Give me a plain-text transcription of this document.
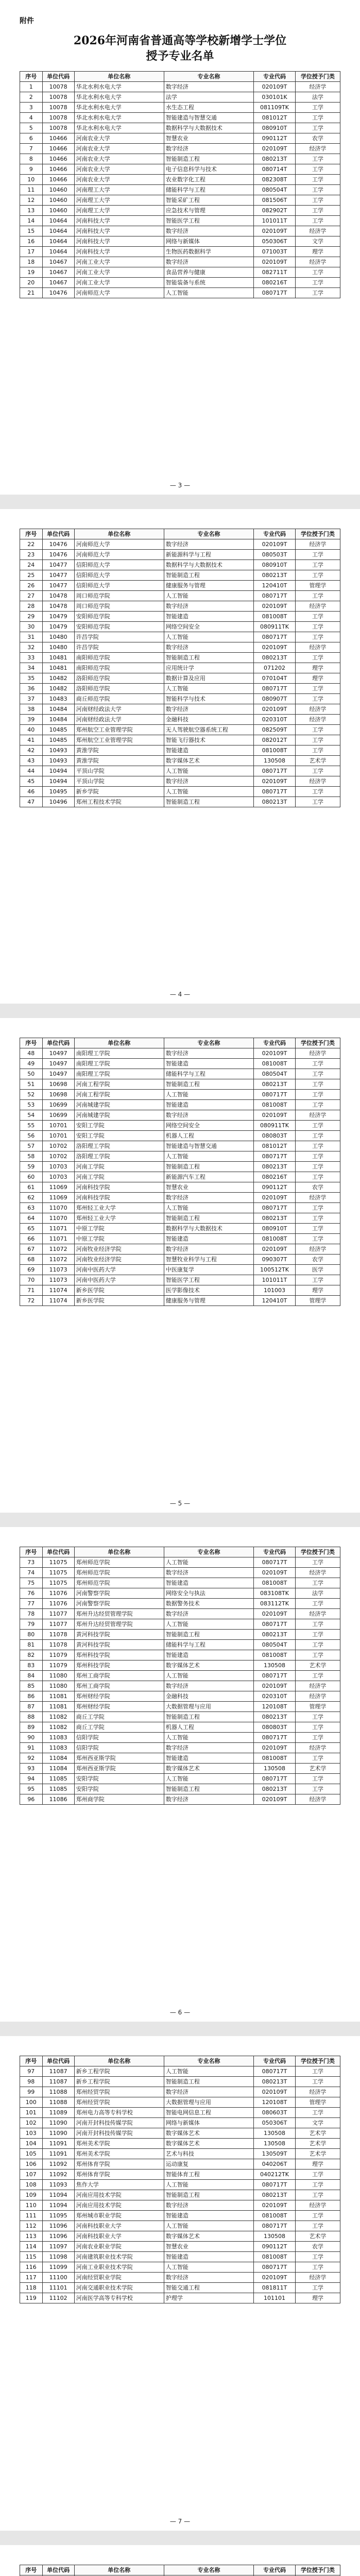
附件
2026年河南省普通高等学校新增学士学位
授予专业名单
序号	单位代码	单位名称	专业名称	专业代码	学位授予门类
1	10078	华北水利水电大学	数字经济	020109T	经济学
2	10078	华北水利水电大学	法学	030101K	法学
3	10078	华北水利水电大学	水生态工程	081109TK	工学
4	10078	华北水利水电大学	智能建造与智慧交通	081012T	工学
5	10078	华北水利水电大学	数据科学与大数据技术	080910T	工学
6	10466	河南农业大学	智慧农业	090112T	农学
7	10466	河南农业大学	数字经济	020109T	经济学
8	10466	河南农业大学	智能制造工程	080213T	工学
9	10466	河南农业大学	电子信息科学与技术	080714T	工学
10	10466	河南农业大学	农业数字化工程	082308T	工学
11	10460	河南理工大学	储能科学与工程	080504T	工学
12	10460	河南理工大学	智能采矿工程	081506T	工学
13	10460	河南理工大学	应急技术与管理	082902T	工学
14	10464	河南科技大学	智能医学工程	101011T	工学
15	10464	河南科技大学	数字经济	020109T	经济学
16	10464	河南科技大学	网络与新媒体	050306T	文学
17	10464	河南科技大学	生物医药数据科学	071003T	理学
18	10467	河南工业大学	数字经济	020109T	经济学
19	10467	河南工业大学	食品营养与健康	082711T	工学
20	10467	河南工业大学	智能装备与系统	080216T	工学
21	10476	河南师范大学	人工智能	080717T	工学
— 3 —
序号	单位代码	单位名称	专业名称	专业代码	学位授予门类
22	10476	河南师范大学	数字经济	020109T	经济学
23	10476	河南师范大学	新能源科学与工程	080503T	工学
24	10477	信阳师范大学	数据科学与大数据技术	080910T	工学
25	10477	信阳师范大学	智能制造工程	080213T	工学
26	10477	信阳师范大学	健康服务与管理	120410T	管理学
27	10478	周口师范学院	人工智能	080717T	工学
28	10478	周口师范学院	数字经济	020109T	经济学
29	10479	安阳师范学院	智能建造	081008T	工学
30	10479	安阳师范学院	网络空间安全	080911TK	工学
31	10480	许昌学院	人工智能	080717T	工学
32	10480	许昌学院	数字经济	020109T	经济学
33	10481	南阳师范学院	智能制造工程	080213T	工学
34	10481	南阳师范学院	应用统计学	071202	理学
35	10482	洛阳师范学院	数据计算及应用	070104T	理学
36	10482	洛阳师范学院	人工智能	080717T	工学
37	10483	商丘师范学院	智能科学与技术	080907T	工学
38	10484	河南财经政法大学	数字经济	020109T	经济学
39	10484	河南财经政法大学	金融科技	020310T	经济学
40	10485	郑州航空工业管理学院	无人驾驶航空器系统工程	082509T	工学
41	10485	郑州航空工业管理学院	智能飞行器技术	082012T	工学
42	10493	黄淮学院	智能建造	081008T	工学
43	10493	黄淮学院	数字媒体艺术	130508	艺术学
44	10494	平顶山学院	人工智能	080717T	工学
45	10494	平顶山学院	数字经济	020109T	经济学
46	10495	新乡学院	人工智能	080717T	工学
47	10496	郑州工程技术学院	智能制造工程	080213T	工学
— 4 —
序号	单位代码	单位名称	专业名称	专业代码	学位授予门类
48	10497	南阳理工学院	数字经济	020109T	经济学
49	10497	南阳理工学院	智能建造	081008T	工学
50	10497	南阳理工学院	储能科学与工程	080504T	工学
51	10698	河南工程学院	智能制造工程	080213T	工学
52	10698	河南工程学院	人工智能	080717T	工学
53	10699	河南城建学院	智能建造	081008T	工学
54	10699	河南城建学院	数字经济	020109T	经济学
55	10701	安阳工学院	网络空间安全	080911TK	工学
56	10701	安阳工学院	机器人工程	080803T	工学
57	10702	洛阳理工学院	智能建造与智慧交通	081012T	工学
58	10702	洛阳理工学院	人工智能	080717T	工学
59	10703	河南工学院	智能制造工程	080213T	工学
60	10703	河南工学院	新能源汽车工程	080216T	工学
61	11069	河南科技学院	智慧农业	090112T	农学
62	11069	河南科技学院	数字经济	020109T	经济学
63	11070	郑州轻工业大学	人工智能	080717T	工学
64	11070	郑州轻工业大学	智能制造工程	080213T	工学
65	11071	中原工学院	数据科学与大数据技术	080910T	工学
66	11071	中原工学院	智能建造	081008T	工学
67	11072	河南牧业经济学院	数字经济	020109T	经济学
68	11072	河南牧业经济学院	智慧牧业科学与工程	090307T	农学
69	11073	河南中医药大学	中医康复学	100512TK	医学
70	11073	河南中医药大学	智能医学工程	101011T	工学
71	11074	新乡医学院	医学影像技术	101003	理学
72	11074	新乡医学院	健康服务与管理	120410T	管理学
— 5 —
序号	单位代码	单位名称	专业名称	专业代码	学位授予门类
73	11075	郑州师范学院	人工智能	080717T	工学
74	11075	郑州师范学院	数字经济	020109T	经济学
75	11075	郑州师范学院	智能建造	081008T	工学
76	11076	河南警察学院	网络安全与执法	083108TK	法学
77	11076	河南警察学院	数据警务技术	083112TK	工学
78	11077	郑州升达经贸管理学院	数字经济	020109T	经济学
79	11077	郑州升达经贸管理学院	人工智能	080717T	工学
80	11078	黄河科技学院	智能制造工程	080213T	工学
81	11078	黄河科技学院	储能科学与工程	080504T	工学
82	11079	郑州科技学院	智能建造	081008T	工学
83	11079	郑州科技学院	数字媒体艺术	130508	艺术学
84	11080	郑州工商学院	人工智能	080717T	工学
85	11080	郑州工商学院	数字经济	020109T	经济学
86	11081	郑州财经学院	金融科技	020310T	经济学
87	11081	郑州财经学院	大数据管理与应用	120108T	管理学
88	11082	商丘工学院	智能制造工程	080213T	工学
89	11082	商丘工学院	机器人工程	080803T	工学
90	11083	信阳学院	人工智能	080717T	工学
91	11083	信阳学院	数字经济	020109T	经济学
92	11084	郑州西亚斯学院	智能建造	081008T	工学
93	11084	郑州西亚斯学院	数字媒体艺术	130508	艺术学
94	11085	安阳学院	人工智能	080717T	工学
95	11085	安阳学院	智能制造工程	080213T	工学
96	11086	郑州商学院	数字经济	020109T	经济学
— 6 —
序号	单位代码	单位名称	专业名称	专业代码	学位授予门类
97	11087	新乡工程学院	人工智能	080717T	工学
98	11087	新乡工程学院	智能制造工程	080213T	工学
99	11088	郑州经贸学院	数字经济	020109T	经济学
100	11088	郑州经贸学院	大数据管理与应用	120108T	管理学
101	11089	郑州电力高等专科学校	智能电网信息工程	080603T	工学
102	11090	河南开封科技传媒学院	网络与新媒体	050306T	文学
103	11090	河南开封科技传媒学院	数字媒体艺术	130508	艺术学
104	11091	郑州美术学院	数字媒体艺术	130508	艺术学
105	11091	郑州美术学院	艺术与科技	130509T	艺术学
106	11092	郑州体育学院	运动康复	040206T	理学
107	11092	郑州体育学院	智能体育工程	040212TK	工学
108	11093	焦作大学	人工智能	080717T	工学
109	11094	河南应用技术学院	智能制造工程	080213T	工学
110	11094	河南应用技术学院	数字经济	020109T	经济学
111	11095	郑州城市职业学院	智能建造	081008T	工学
112	11096	河南科技职业大学	人工智能	080717T	工学
113	11096	河南科技职业大学	数字媒体艺术	130508	艺术学
114	11097	河南农业职业学院	智慧农业	090112T	农学
115	11098	河南建筑职业技术学院	智能建造	081008T	工学
116	11099	河南工业职业技术学院	人工智能	080717T	工学
117	11100	河南经贸职业学院	数字经济	020109T	经济学
118	11101	河南交通职业技术学院	智能交通工程	081811T	工学
119	11102	河南医学高等专科学校	护理学	101101	理学
— 7 —
序号	单位代码	单位名称	专业名称	专业代码	学位授予门类
